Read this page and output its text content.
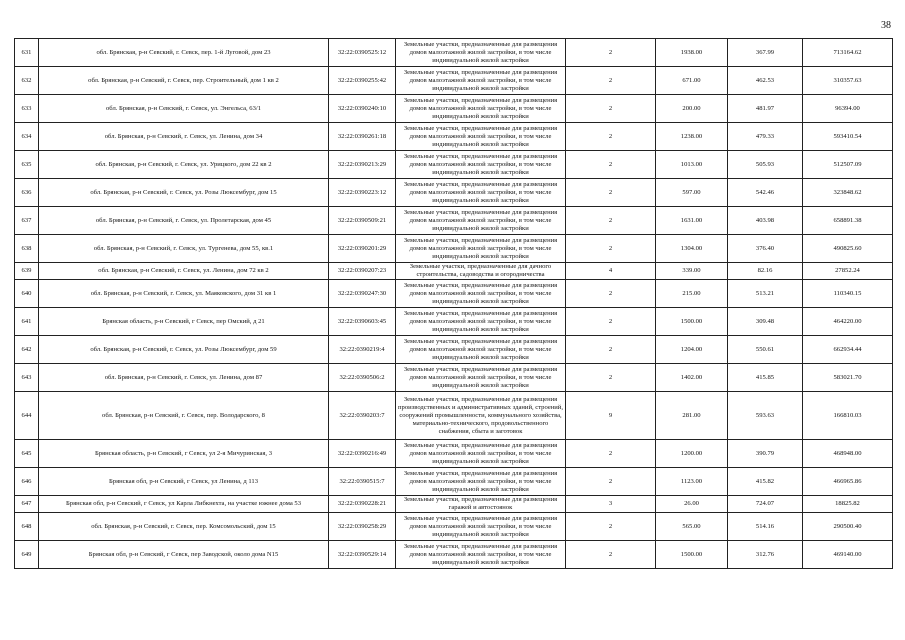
38
631	обл. Брянская, р-н Севский, г. Севск, пер. 1-й Луговой, дом 23	32:22:0390525:12	Земельные участки, предназначенные для размещения домов малоэтажной жилой застройки, в том числе индивидуальной жилой застройки	2	1938.00	367.99	713164.62
632	обл. Брянская, р-н Севский, г. Севск, пер. Строительный, дом 1 кв 2	32:22:0390255:42	Земельные участки, предназначенные для размещения домов малоэтажной жилой застройки, в том числе индивидуальной жилой застройки	2	671.00	462.53	310357.63
633	обл. Брянская, р-н Севский, г. Севск, ул. Энгельса, 63/1	32:22:0390240:10	Земельные участки, предназначенные для размещения домов малоэтажной жилой застройки, в том числе индивидуальной жилой застройки	2	200.00	481.97	96394.00
634	обл. Брянская, р-н Севский, г. Севск, ул. Ленина, дом 34	32:22:0390261:18	Земельные участки, предназначенные для размещения домов малоэтажной жилой застройки, в том числе индивидуальной жилой застройки	2	1238.00	479.33	593410.54
635	обл. Брянская, р-н Севский, г. Севск, ул. Урицкого, дом 22 кв 2	32:22:0390213:29	Земельные участки, предназначенные для размещения домов малоэтажной жилой застройки, в том числе индивидуальной жилой застройки	2	1013.00	505.93	512507.09
636	обл. Брянская, р-н Севский, г. Севск, ул. Розы Люксембург, дом 15	32:22:0390223:12	Земельные участки, предназначенные для размещения домов малоэтажной жилой застройки, в том числе индивидуальной жилой застройки	2	597.00	542.46	323848.62
637	обл. Брянская, р-н Севский, г. Севск, ул. Пролетарская, дом 45	32:22:0390509:21	Земельные участки, предназначенные для размещения домов малоэтажной жилой застройки, в том числе индивидуальной жилой застройки	2	1631.00	403.98	658891.38
638	обл. Брянская, р-н Севский, г. Севск, ул. Тургенева, дом 55, кв.1	32:22:0390201:29	Земельные участки, предназначенные для размещения домов малоэтажной жилой застройки, в том числе индивидуальной жилой застройки	2	1304.00	376.40	490825.60
639	обл. Брянская, р-н Севский, г. Севск, ул. Ленина, дом 72 кв 2	32:22:0390207:23	Земельные участки, предназначенные для дачного строительства, садоводства и огородничества	4	339.00	82.16	27852.24
640	обл. Брянская, р-н Севский, г. Севск, ул. Маяковского, дом 31 кв 1	32:22:0390247:30	Земельные участки, предназначенные для размещения домов малоэтажной жилой застройки, в том числе индивидуальной жилой застройки	2	215.00	513.21	110340.15
641	Брянская область, р-н Севский, г Севск, пер Омский, д 21	32:22:0390603:45	Земельные участки, предназначенные для размещения домов малоэтажной жилой застройки, в том числе индивидуальной жилой застройки	2	1500.00	309.48	464220.00
642	обл. Брянская, р-н Севский, г. Севск, ул. Розы Люксембург, дом 59	32:22:0390219:4	Земельные участки, предназначенные для размещения домов малоэтажной жилой застройки, в том числе индивидуальной жилой застройки	2	1204.00	550.61	662934.44
643	обл. Брянская, р-н Севский, г. Севск, ул. Ленина, дом 87	32:22:0390506:2	Земельные участки, предназначенные для размещения домов малоэтажной жилой застройки, в том числе индивидуальной жилой застройки	2	1402.00	415.85	583021.70
644	обл. Брянская, р-н Севский, г. Севск, пер. Володарского, 8	32:22:0390203:7	Земельные участки, предназначенные для размещения производственных и административных зданий, строений, сооружений промышленности, коммунального хозяйства, материально-технического, продовольственного снабжения, сбыта и заготовок	9	281.00	593.63	166810.03
645	Брянская область, р-н Севский, г Севск, ул 2-я Мичуринская, 3	32:22:0390216:49	Земельные участки, предназначенные для размещения домов малоэтажной жилой застройки, в том числе индивидуальной жилой застройки	2	1200.00	390.79	468948.00
646	Брянская обл, р-н Севский, г Севск, ул Ленина, д 113	32:22:0390515:7	Земельные участки, предназначенные для размещения домов малоэтажной жилой застройки, в том числе индивидуальной жилой застройки	2	1123.00	415.82	466965.86
647	Брянская обл, р-н Севский, г Севск, ул Карла Либкнехта, на участке южнее дома 53	32:22:0390228:21	Земельные участки, предназначенные для размещения гаражей и автостоянок	3	26.00	724.07	18825.82
648	обл. Брянская, р-н Севский, г. Севск, пер. Комсомольский, дом 15	32:22:0390258:29	Земельные участки, предназначенные для размещения домов малоэтажной жилой застройки, в том числе индивидуальной жилой застройки	2	565.00	514.16	290500.40
649	Брянская обл, р-н Севский, г Севск, пер Заводской, около дома N15	32:22:0390529:14	Земельные участки, предназначенные для размещения домов малоэтажной жилой застройки, в том числе индивидуальной жилой застройки	2	1500.00	312.76	469140.00
